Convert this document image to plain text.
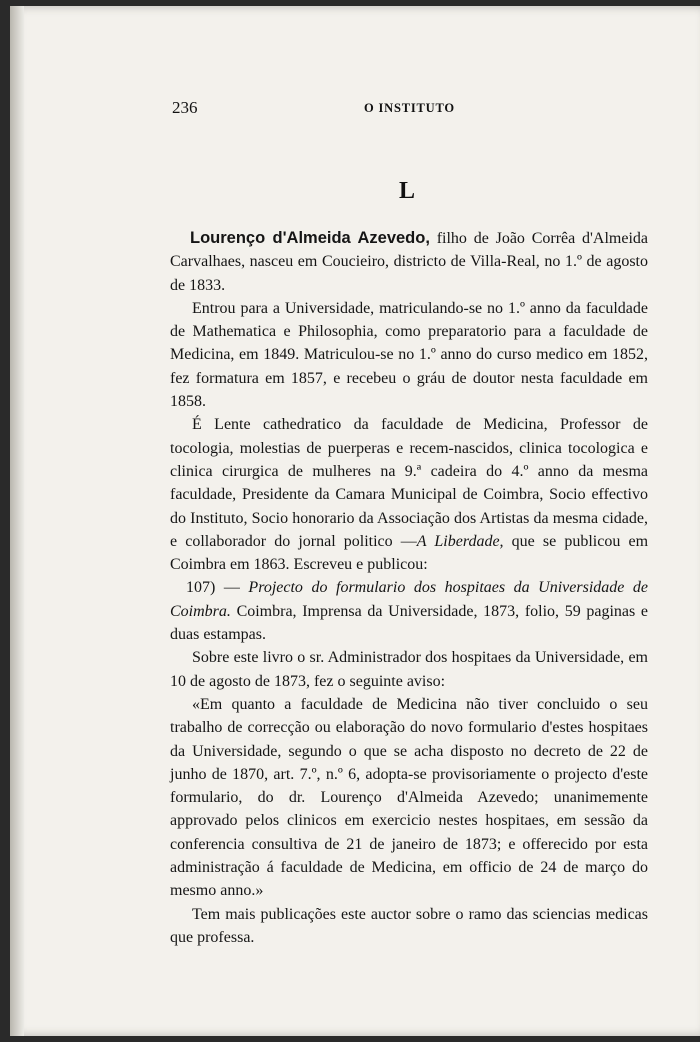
236	O INSTITUTO
L

Lourenço d'Almeida Azevedo, filho de João Corrêa d'Almeida Carvalhaes, nasceu em Coucieiro, districto de Villa-Real, no 1.º de agosto de 1833.

Entrou para a Universidade, matriculando-se no 1.º anno da faculdade de Mathematica e Philosophia, como preparatorio para a faculdade de Medicina, em 1849. Matriculou-se no 1.º anno do curso medico em 1852, fez formatura em 1857, e recebeu o gráu de doutor nesta faculdade em 1858.

É Lente cathedratico da faculdade de Medicina, Professor de tocologia, molestias de puerperas e recem-nascidos, clinica tocologica e clinica cirurgica de mulheres na 9.ª cadeira do 4.º anno da mesma faculdade, Presidente da Camara Municipal de Coimbra, Socio effectivo do Instituto, Socio honorario da Associação dos Artistas da mesma cidade, e collaborador do jornal politico —A Liberdade, que se publicou em Coimbra em 1863. Escreveu e publicou:

107) — Projecto do formulario dos hospitaes da Universidade de Coimbra. Coimbra, Imprensa da Universidade, 1873, folio, 59 paginas e duas estampas.

Sobre este livro o sr. Administrador dos hospitaes da Universidade, em 10 de agosto de 1873, fez o seguinte aviso:

«Em quanto a faculdade de Medicina não tiver concluido o seu trabalho de correcção ou elaboração do novo formulario d'estes hospitaes da Universidade, segundo o que se acha disposto no decreto de 22 de junho de 1870, art. 7.º, n.º 6, adopta-se provisoriamente o projecto d'este formulario, do dr. Lourenço d'Almeida Azevedo; unanimemente approvado pelos clinicos em exercicio nestes hospitaes, em sessão da conferencia consultiva de 21 de janeiro de 1873; e offerecido por esta administração á faculdade de Medicina, em officio de 24 de março do mesmo anno.»

Tem mais publicações este auctor sobre o ramo das sciencias medicas que professa.
